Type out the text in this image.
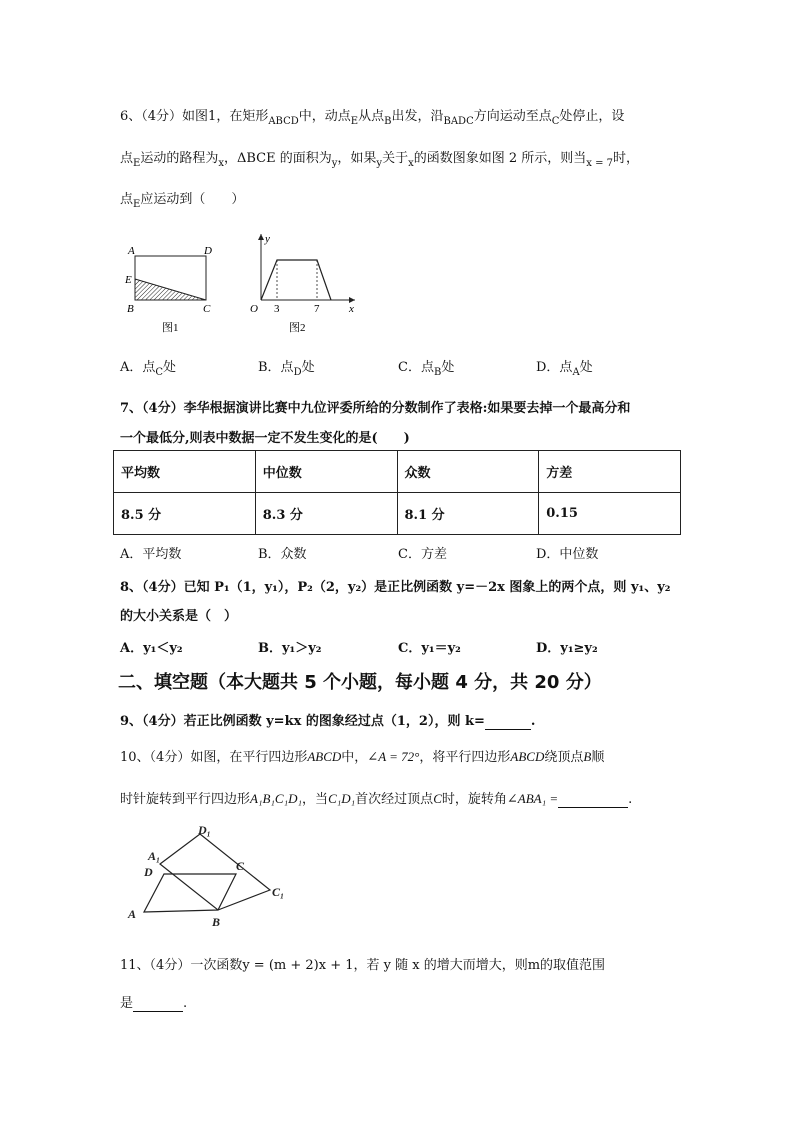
6、（4分）如图1，在矩形$_{ABCD}$中，动点$_E$从点$_B$出发，沿$_{BADC}$方向运动至点$_C$处停止，设
点$_E$运动的路程为$_x$，ΔBCE 的面积为$_y$，如果$_y$关于$_x$的函数图象如图 2 所示，则当$_{x = 7}$时，
点$_E$应运动到（　　）
A	D
E
B	C
图1
y
O 3	7	x
图2
A．点$_C$处	B．点$_D$处	C．点$_B$处	D．点$_A$处
7、（4分）李华根据演讲比赛中九位评委所给的分数制作了表格:如果要去掉一个最高分和
一个最低分,则表中数据一定不发生变化的是(　　)
平均数	中位数	众数	方差
8.5 分	8.3 分	8.1 分	0.15
A．平均数	B．众数	C．方差	D．中位数
8、（4分）已知 P₁（1，y₁），P₂（2，y₂）是正比例函数 y=－2x 图象上的两个点，则 y₁、y₂
的大小关系是（　）
A．y₁＜y₂	B．y₁＞y₂	C．y₁＝y₂	D．y₁≥y₂
二、填空题（本大题共 5 个小题，每小题 4 分，共 20 分）
9、（4分）若正比例函数 y=kx 的图象经过点（1，2），则 k=	.
10、（4分）如图，在平行四边形ABCD中，∠A = 72°，将平行四边形ABCD绕顶点B顺
时针旋转到平行四边形A₁B₁C₁D₁，当C₁D₁首次经过顶点C时，旋转角∠ABA₁ =	.
D₁
A₁
D	C
C₁
A
B
11、（4分）一次函数y = (m + 2)x + 1，若 y 随 x 的增大而增大，则m的取值范围
是	.
